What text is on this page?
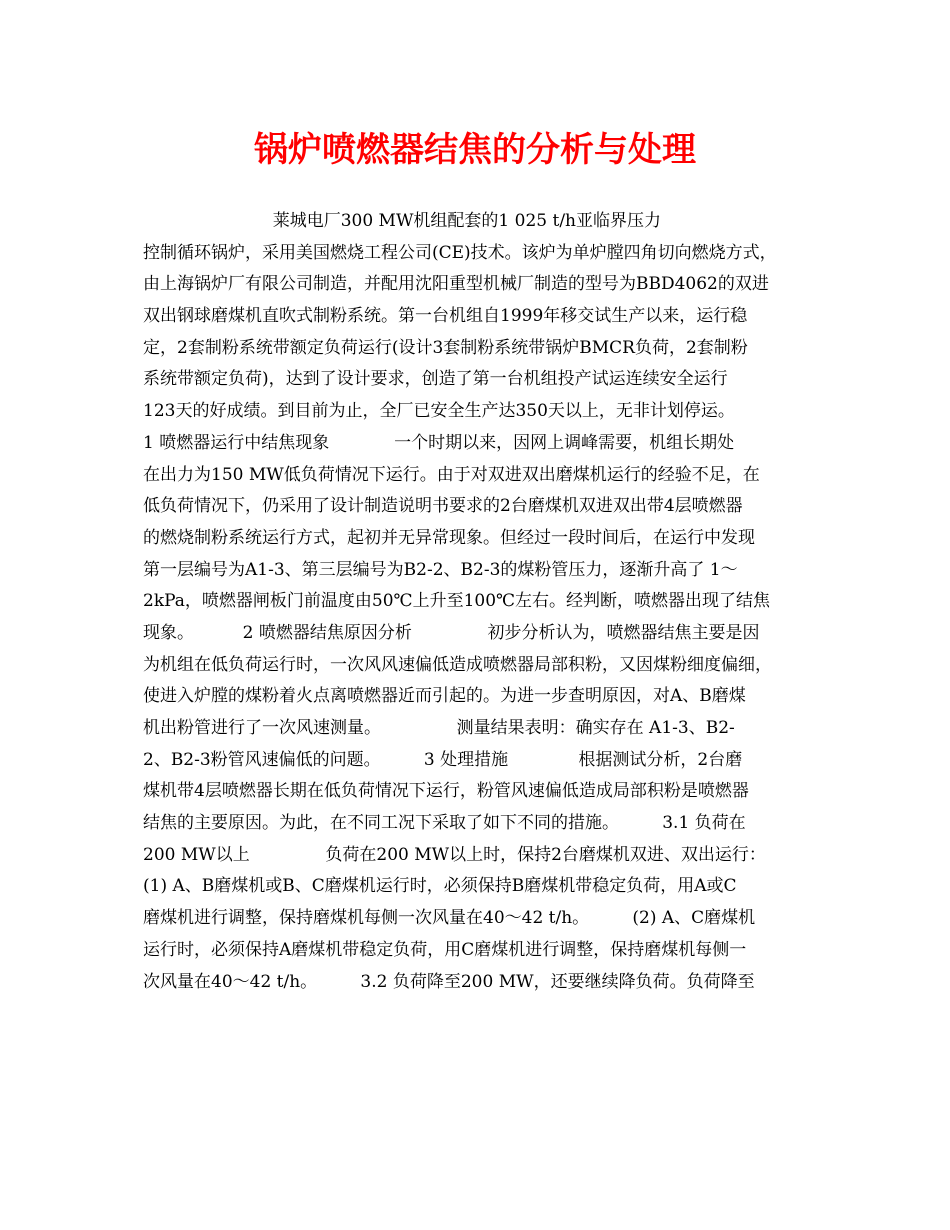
锅炉喷燃器结焦的分析与处理
莱城电厂300 MW机组配套的1 025 t/h亚临界压力
控制循环锅炉，采用美国燃烧工程公司(CE)技术。该炉为单炉膛四角切向燃烧方式，
由上海锅炉厂有限公司制造，并配用沈阳重型机械厂制造的型号为BBD4062的双进
双出钢球磨煤机直吹式制粉系统。第一台机组自1999年移交试生产以来，运行稳
定，2套制粉系统带额定负荷运行(设计3套制粉系统带锅炉BMCR负荷，2套制粉
系统带额定负荷)，达到了设计要求，创造了第一台机组投产试运连续安全运行
123天的好成绩。到目前为止，全厂已安全生产达350天以上，无非计划停运。
1 喷燃器运行中结焦现象            一个时期以来，因网上调峰需要，机组长期处
在出力为150 MW低负荷情况下运行。由于对双进双出磨煤机运行的经验不足，在
低负荷情况下，仍采用了设计制造说明书要求的2台磨煤机双进双出带4层喷燃器
的燃烧制粉系统运行方式，起初并无异常现象。但经过一段时间后，在运行中发现
第一层编号为A1-3、第三层编号为B2-2、B2-3的煤粉管压力，逐渐升高了 1～
2kPa，喷燃器闸板门前温度由50℃上升至100℃左右。经判断，喷燃器出现了结焦
现象。         2 喷燃器结焦原因分析              初步分析认为，喷燃器结焦主要是因
为机组在低负荷运行时，一次风风速偏低造成喷燃器局部积粉，又因煤粉细度偏细，
使进入炉膛的煤粉着火点离喷燃器近而引起的。为进一步查明原因，对A、B磨煤
机出粉管进行了一次风速测量。              测量结果表明：确实存在 A1-3、B2-
2、B2-3粉管风速偏低的问题。        3 处理措施             根据测试分析，2台磨
煤机带4层喷燃器长期在低负荷情况下运行，粉管风速偏低造成局部积粉是喷燃器
结焦的主要原因。为此，在不同工况下采取了如下不同的措施。        3.1 负荷在
200 MW以上              负荷在200 MW以上时，保持2台磨煤机双进、双出运行：
(1) A、B磨煤机或B、C磨煤机运行时，必须保持B磨煤机带稳定负荷，用A或C
磨煤机进行调整，保持磨煤机每侧一次风量在40～42 t/h。        (2) A、C磨煤机
运行时，必须保持A磨煤机带稳定负荷，用C磨煤机进行调整，保持磨煤机每侧一
次风量在40～42 t/h。        3.2 负荷降至200 MW，还要继续降负荷。负荷降至
